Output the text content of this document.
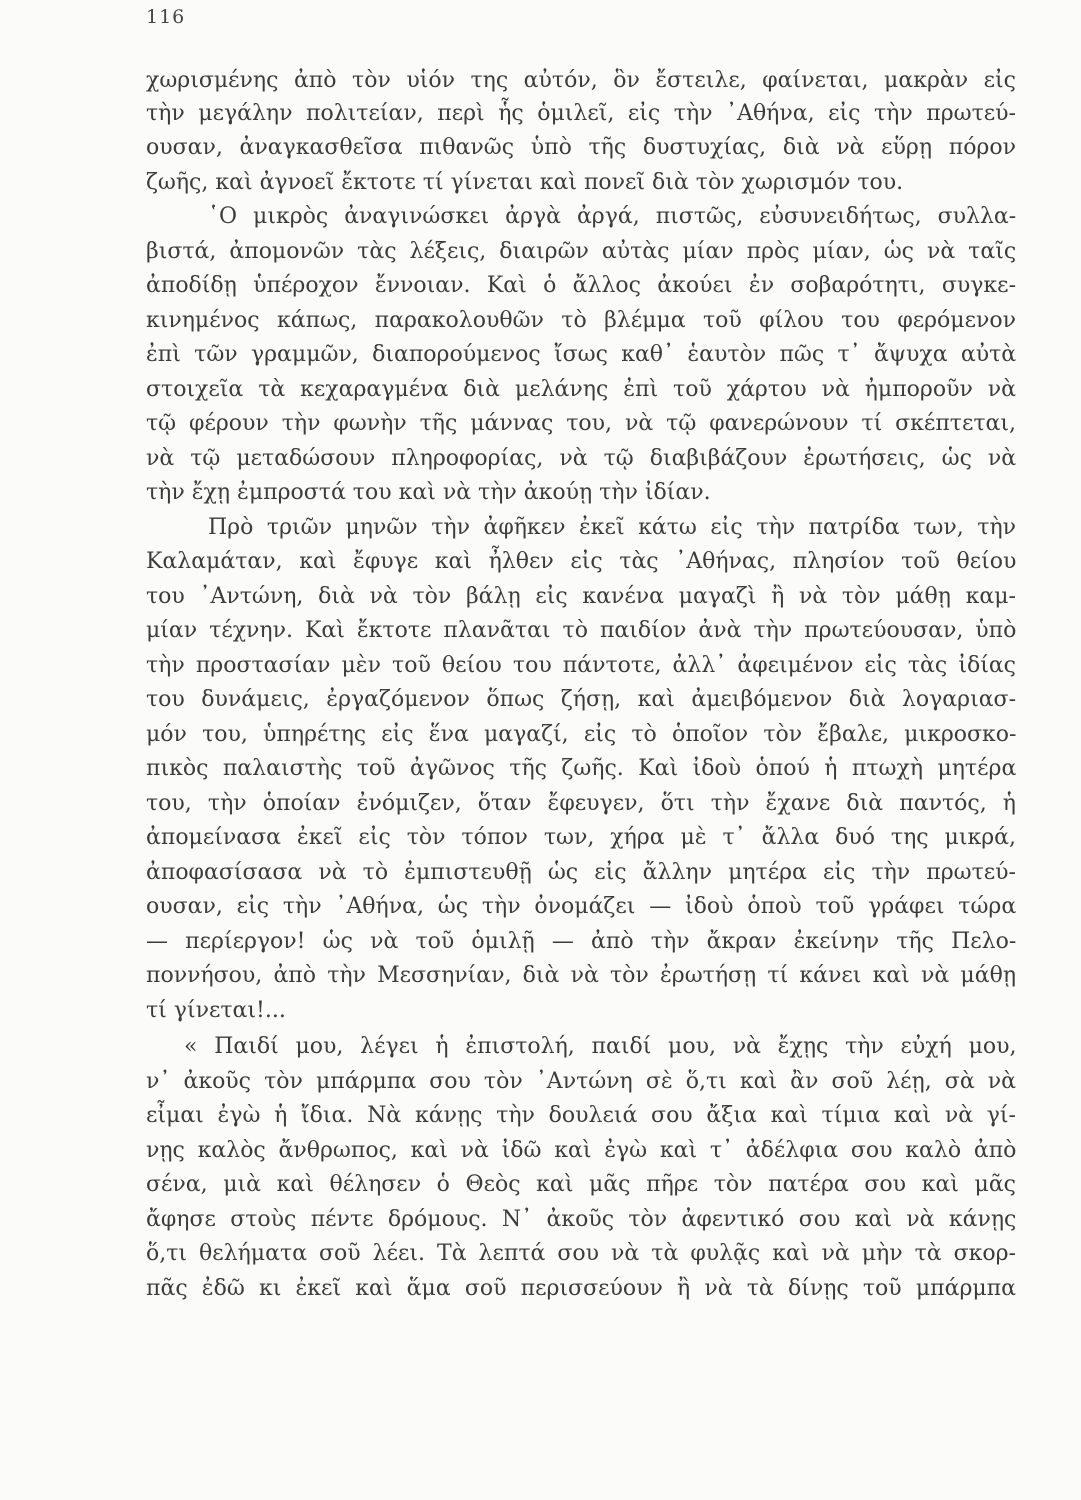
116
χωρισμένης ἀπὸ τὸν υἱόν της αὐτόν, ὃν ἔστειλε, φαίνεται, μακρὰν εἰς
τὴν μεγάλην πολιτείαν, περὶ ἧς ὁμιλεῖ, εἰς τὴν ᾿Αθήνα, εἰς τὴν πρωτεύ-
ουσαν, ἀναγκασθεῖσα πιθανῶς ὑπὸ τῆς δυστυχίας, διὰ νὰ εὕρῃ πόρον
ζωῆς, καὶ ἀγνοεῖ ἔκτοτε τί γίνεται καὶ πονεῖ διὰ τὸν χωρισμόν του.
῾Ο μικρὸς ἀναγινώσκει ἀργὰ ἀργά, πιστῶς, εὐσυνειδήτως, συλλα-
βιστά, ἀπομονῶν τὰς λέξεις, διαιρῶν αὐτὰς μίαν πρὸς μίαν, ὡς νὰ ταῖς
ἀποδίδῃ ὑπέροχον ἔννοιαν. Καὶ ὁ ἄλλος ἀκούει ἐν σοβαρότητι, συγκε-
κινημένος κάπως, παρακολουθῶν τὸ βλέμμα τοῦ φίλου του φερόμενον
ἐπὶ τῶν γραμμῶν, διαπορούμενος ἴσως καθ᾿ ἑαυτὸν πῶς τ᾿ ἄψυχα αὐτὰ
στοιχεῖα τὰ κεχαραγμένα διὰ μελάνης ἐπὶ τοῦ χάρτου νὰ ἠμποροῦν νὰ
τῷ φέρουν τὴν φωνὴν τῆς μάννας του, νὰ τῷ φανερώνουν τί σκέπτεται,
νὰ τῷ μεταδώσουν πληροφορίας, νὰ τῷ διαβιβάζουν ἐρωτήσεις, ὡς νὰ
τὴν ἔχῃ ἐμπροστά του καὶ νὰ τὴν ἀκούῃ τὴν ἰδίαν.
Πρὸ τριῶν μηνῶν τὴν ἀφῆκεν ἐκεῖ κάτω εἰς τὴν πατρίδα των, τὴν
Καλαμάταν, καὶ ἔφυγε καὶ ἦλθεν εἰς τὰς ᾿Αθήνας, πλησίον τοῦ θείου
του ᾿Αντώνη, διὰ νὰ τὸν βάλῃ εἰς κανένα μαγαζὶ ἢ νὰ τὸν μάθῃ καμ-
μίαν τέχνην. Καὶ ἔκτοτε πλανᾶται τὸ παιδίον ἀνὰ τὴν πρωτεύουσαν, ὑπὸ
τὴν προστασίαν μὲν τοῦ θείου του πάντοτε, ἀλλ᾿ ἀφειμένον εἰς τὰς ἰδίας
του δυνάμεις, ἐργαζόμενον ὅπως ζήσῃ, καὶ ἀμειβόμενον διὰ λογαριασ-
μόν του, ὑπηρέτης εἰς ἕνα μαγαζί, εἰς τὸ ὁποῖον τὸν ἔβαλε, μικροσκο-
πικὸς παλαιστὴς τοῦ ἀγῶνος τῆς ζωῆς. Καὶ ἰδοὺ ὁπού ἡ πτωχὴ μητέρα
του, τὴν ὁποίαν ἐνόμιζεν, ὅταν ἔφευγεν, ὅτι τὴν ἔχανε διὰ παντός, ἡ
ἀπομείνασα ἐκεῖ εἰς τὸν τόπον των, χήρα μὲ τ᾿ ἄλλα δυό της μικρά,
ἀποφασίσασα νὰ τὸ ἐμπιστευθῇ ὡς εἰς ἄλλην μητέρα εἰς τὴν πρωτεύ-
ουσαν, εἰς τὴν ᾿Αθήνα, ὡς τὴν ὀνομάζει — ἰδοὺ ὁποὺ τοῦ γράφει τώρα
— περίεργον! ὡς νὰ τοῦ ὁμιλῇ — ἀπὸ τὴν ἄκραν ἐκείνην τῆς Πελο-
ποννήσου, ἀπὸ τὴν Μεσσηνίαν, διὰ νὰ τὸν ἐρωτήσῃ τί κάνει καὶ νὰ μάθῃ
τί γίνεται!...
« Παιδί μου, λέγει ἡ ἐπιστολή, παιδί μου, νὰ ἔχῃς τὴν εὐχή μου,
ν᾿ ἀκοῦς τὸν μπάρμπα σου τὸν ᾿Αντώνη σὲ ὅ,τι καὶ ἂν σοῦ λέῃ, σὰ νὰ
εἶμαι ἐγὼ ἡ ἴδια. Νὰ κάνῃς τὴν δουλειά σου ἄξια καὶ τίμια καὶ νὰ γί-
νῃς καλὸς ἄνθρωπος, καὶ νὰ ἰδῶ καὶ ἐγὼ καὶ τ᾿ ἀδέλφια σου καλὸ ἀπὸ
σένα, μιὰ καὶ θέλησεν ὁ Θεὸς καὶ μᾶς πῆρε τὸν πατέρα σου καὶ μᾶς
ἄφησε στοὺς πέντε δρόμους. Ν᾿ ἀκοῦς τὸν ἀφεντικό σου καὶ νὰ κάνῃς
ὅ,τι θελήματα σοῦ λέει. Τὰ λεπτά σου νὰ τὰ φυλᾷς καὶ νὰ μὴν τὰ σκορ-
πᾶς ἐδῶ κι ἐκεῖ καὶ ἅμα σοῦ περισσεύουν ἢ νὰ τὰ δίνῃς τοῦ μπάρμπα
